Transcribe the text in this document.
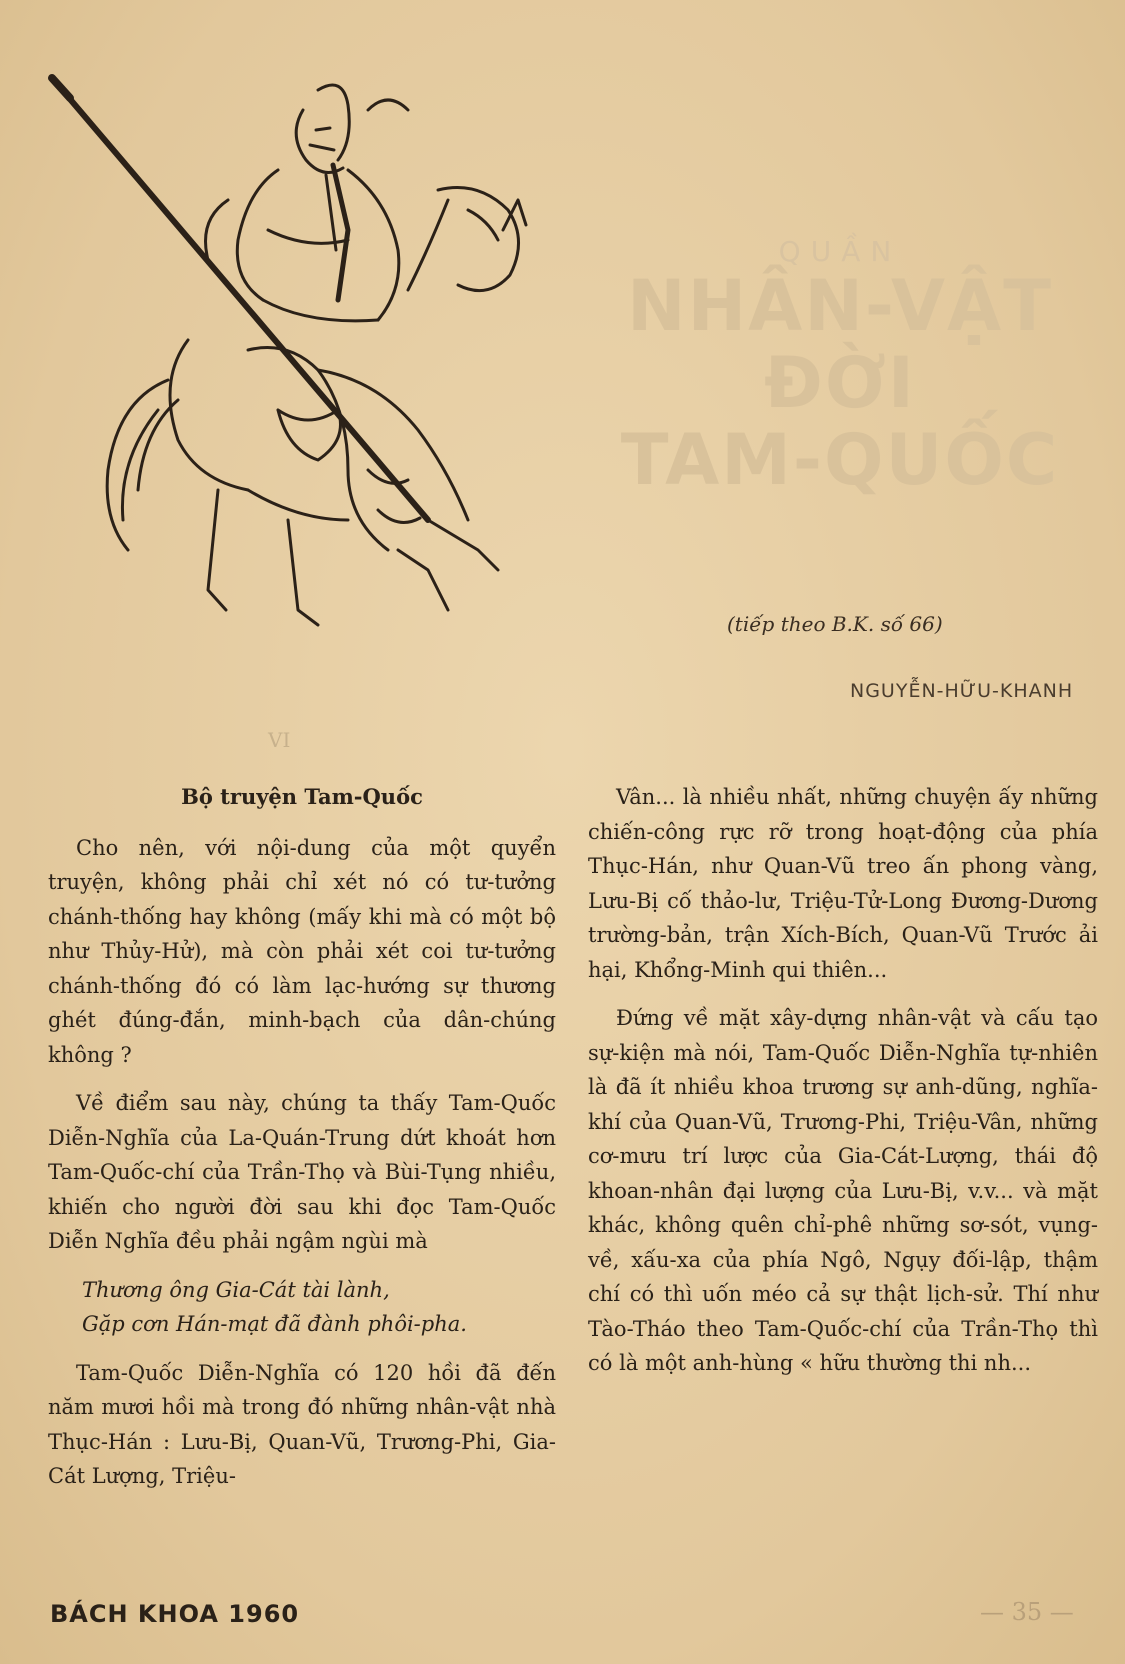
QUẦN
NHÂN-VẬT
ĐỜI
TAM-QUỐC
(tiếp theo B.K. số 66)
NGUYỄN-HỮU-KHANH
VI

Bộ truyện Tam-Quốc

Cho nên, với nội-dung của một quyển truyện, không phải chỉ xét nó có tư-tưởng chánh-thống hay không (mấy khi mà có một bộ như Thủy-Hử), mà còn phải xét coi tư-tưởng chánh-thống đó có làm lạc-hướng sự thương ghét đúng-đắn, minh-bạch của dân-chúng không ?

Về điểm sau này, chúng ta thấy Tam-Quốc Diễn-Nghĩa của La-Quán-Trung dứt khoát hơn Tam-Quốc-chí của Trần-Thọ và Bùi-Tụng nhiều, khiến cho người đời sau khi đọc Tam-Quốc Diễn Nghĩa đều phải ngậm ngùi mà

Thương ông Gia-Cát tài lành,

Gặp cơn Hán-mạt đã đành phôi-pha.

Tam-Quốc Diễn-Nghĩa có 120 hồi đã đến năm mươi hồi mà trong đó những nhân-vật nhà Thục-Hán : Lưu-Bị, Quan-Vũ, Trương-Phi, Gia-Cát Lượng, Triệu-

Vân... là nhiều nhất, những chuyện ấy những chiến-công rực rỡ trong hoạt-động của phía Thục-Hán, như Quan-Vũ treo ấn phong vàng, Lưu-Bị cố thảo-lư, Triệu-Tử-Long Đương-Dương trường-bản, trận Xích-Bích, Quan-Vũ Trước ải hại, Khổng-Minh qui thiên...

Đứng về mặt xây-dựng nhân-vật và cấu tạo sự-kiện mà nói, Tam-Quốc Diễn-Nghĩa tự-nhiên là đã ít nhiều khoa trương sự anh-dũng, nghĩa-khí của Quan-Vũ, Trương-Phi, Triệu-Vân, những cơ-mưu trí lược của Gia-Cát-Lượng, thái độ khoan-nhân đại lượng của Lưu-Bị, v.v... và mặt khác, không quên chỉ-phê những sơ-sót, vụng-về, xấu-xa của phía Ngô, Ngụy đối-lập, thậm chí có thì uốn méo cả sự thật lịch-sử. Thí như Tào-Tháo theo Tam-Quốc-chí của Trần-Thọ thì có là một anh-hùng « hữu thường thi nh...

BÁCH KHOA 1960	— 35 —
